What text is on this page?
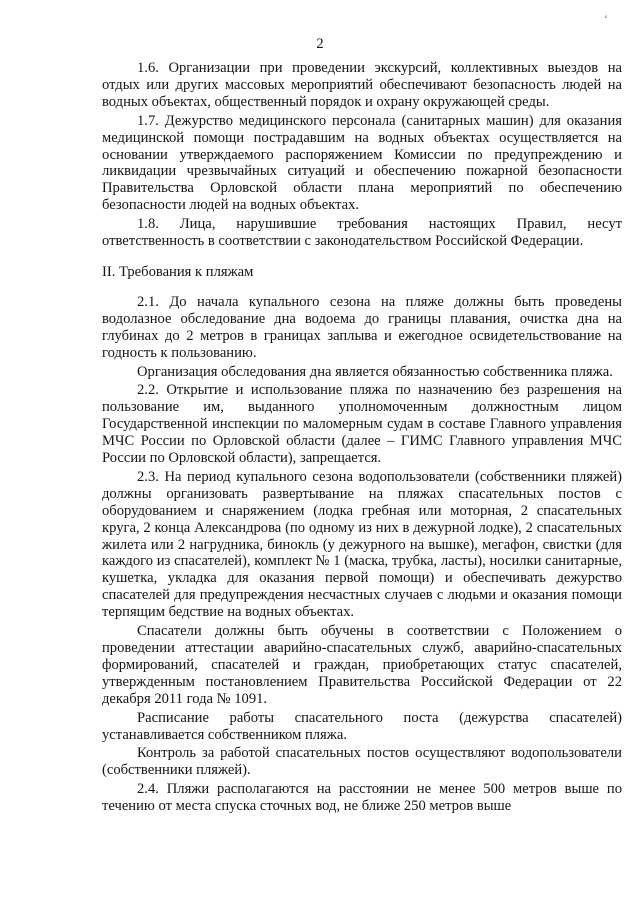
‘
2

1.6. Организации при проведении экскурсий, коллективных выездов на отдых или других массовых мероприятий обеспечивают безопасность людей на водных объектах, общественный порядок и охрану окружающей среды.

1.7. Дежурство медицинского персонала (санитарных машин) для оказания медицинской помощи пострадавшим на водных объектах осуществляется на основании утверждаемого распоряжением Комиссии по предупреждению и ликвидации чрезвычайных ситуаций и обеспечению пожарной безопасности Правительства Орловской области плана мероприятий по обеспечению безопасности людей на водных объектах.

1.8. Лица, нарушившие требования настоящих Правил, несут ответственность в соответствии с законодательством Российской Федерации.

II. Требования к пляжам

2.1. До начала купального сезона на пляже должны быть проведены водолазное обследование дна водоема до границы плавания, очистка дна на глубинах до 2 метров в границах заплыва и ежегодное освидетельствование на годность к пользованию.

Организация обследования дна является обязанностью собственника пляжа.

2.2. Открытие и использование пляжа по назначению без разрешения на пользование им, выданного уполномоченным должностным лицом Государственной инспекции по маломерным судам в составе Главного управления МЧС России по Орловской области (далее – ГИМС Главного управления МЧС России по Орловской области), запрещается.

2.3. На период купального сезона водопользователи (собственники пляжей) должны организовать развертывание на пляжах спасательных постов с оборудованием и снаряжением (лодка гребная или моторная, 2 спасательных круга, 2 конца Александрова (по одному из них в дежурной лодке), 2 спасательных жилета или 2 нагрудника, бинокль (у дежурного на вышке), мегафон, свистки (для каждого из спасателей), комплект № 1 (маска, трубка, ласты), носилки санитарные, кушетка, укладка для оказания первой помощи) и обеспечивать дежурство спасателей для предупреждения несчастных случаев с людьми и оказания помощи терпящим бедствие на водных объектах.

Спасатели должны быть обучены в соответствии с Положением о проведении аттестации аварийно-спасательных служб, аварийно-спасательных формирований, спасателей и граждан, приобретающих статус спасателей, утвержденным постановлением Правительства Российской Федерации от 22 декабря 2011 года № 1091.

Расписание работы спасательного поста (дежурства спасателей) устанавливается собственником пляжа.

Контроль за работой спасательных постов осуществляют водопользователи (собственники пляжей).

2.4. Пляжи располагаются на расстоянии не менее 500 метров выше по течению от места спуска сточных вод, не ближе 250 метров выше
